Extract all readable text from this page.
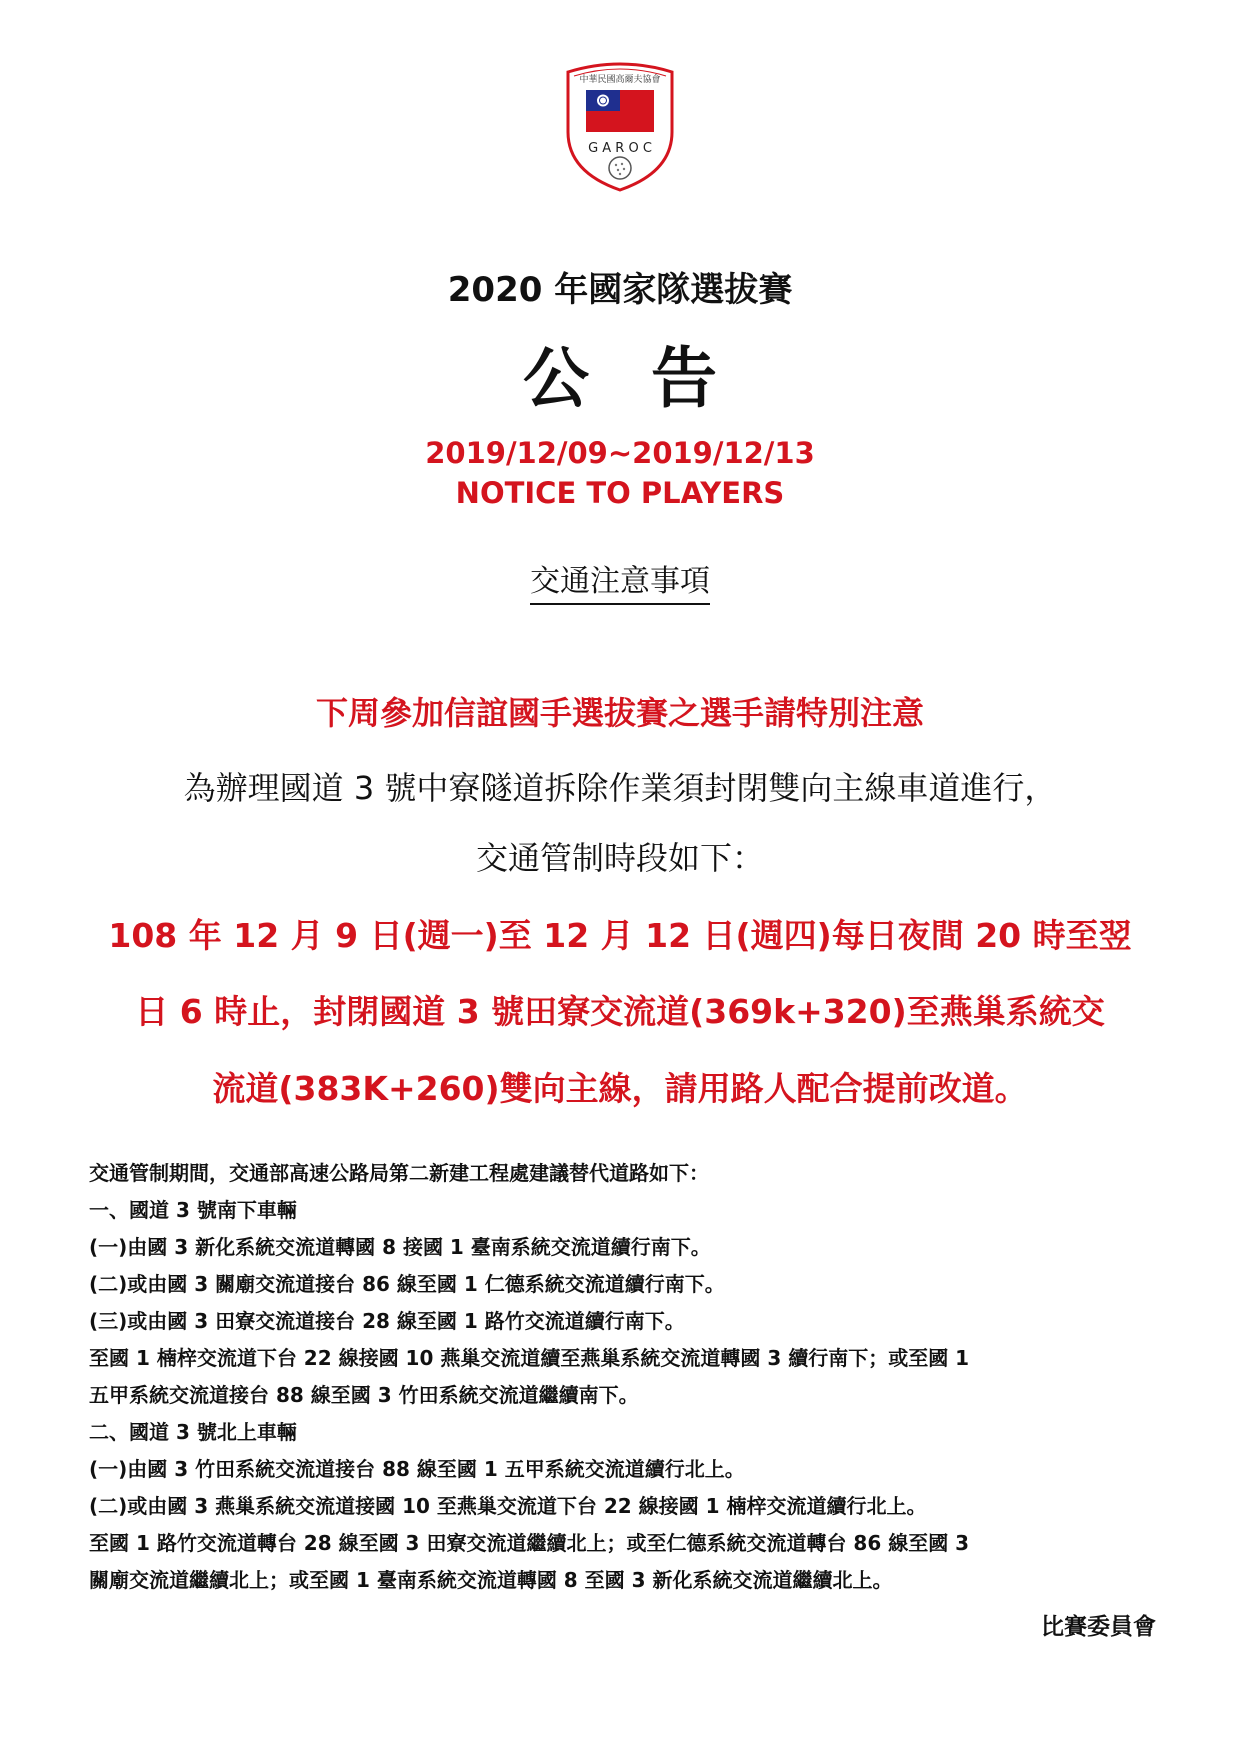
中華民國高爾夫協會
G A R O C
2020 年國家隊選拔賽
公告
2019/12/09~2019/12/13
NOTICE TO PLAYERS
交通注意事項
下周參加信誼國手選拔賽之選手請特別注意
為辦理國道 3 號中寮隧道拆除作業須封閉雙向主線車道進行，
交通管制時段如下：
108 年 12 月 9 日(週一)至 12 月 12 日(週四)每日夜間 20 時至翌
日 6 時止，封閉國道 3 號田寮交流道(369k+320)至燕巢系統交
流道(383K+260)雙向主線，請用路人配合提前改道。
交通管制期間，交通部高速公路局第二新建工程處建議替代道路如下：
一、國道 3 號南下車輛
(一)由國 3 新化系統交流道轉國 8 接國 1 臺南系統交流道續行南下。
(二)或由國 3 關廟交流道接台 86 線至國 1 仁德系統交流道續行南下。
(三)或由國 3 田寮交流道接台 28 線至國 1 路竹交流道續行南下。
至國 1 楠梓交流道下台 22 線接國 10 燕巢交流道續至燕巢系統交流道轉國 3 續行南下；或至國 1
五甲系統交流道接台 88 線至國 3 竹田系統交流道繼續南下。
二、國道 3 號北上車輛
(一)由國 3 竹田系統交流道接台 88 線至國 1 五甲系統交流道續行北上。
(二)或由國 3 燕巢系統交流道接國 10 至燕巢交流道下台 22 線接國 1 楠梓交流道續行北上。
至國 1 路竹交流道轉台 28 線至國 3 田寮交流道繼續北上；或至仁德系統交流道轉台 86 線至國 3
關廟交流道繼續北上；或至國 1 臺南系統交流道轉國 8 至國 3 新化系統交流道繼續北上。
比賽委員會
